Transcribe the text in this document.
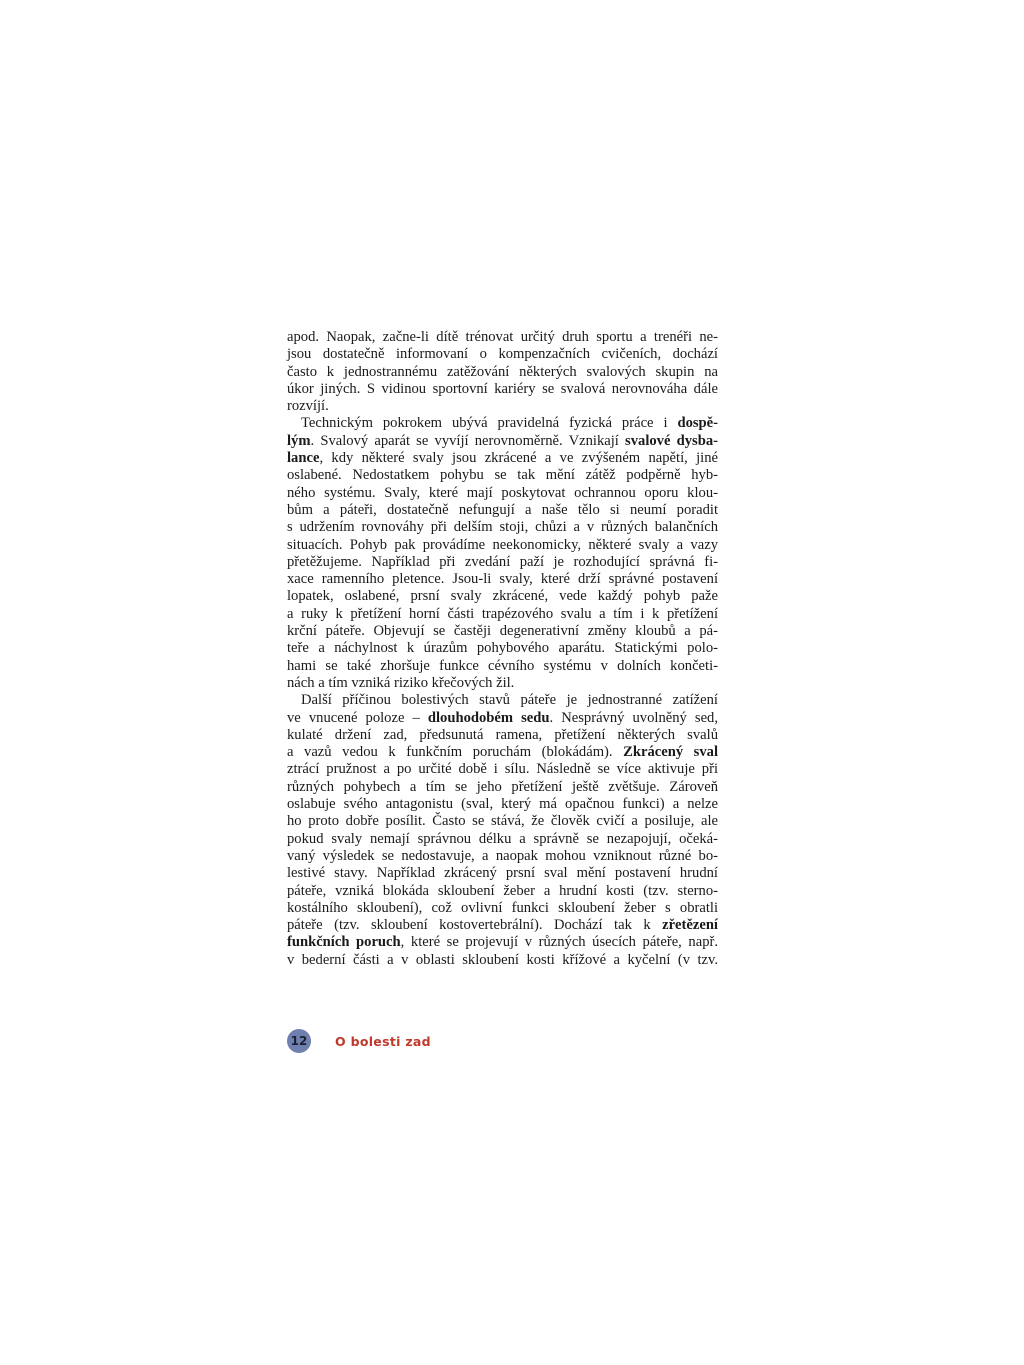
apod. Naopak, začne-li dítě trénovat určitý druh sportu a trenéři ne-
jsou dostatečně informovaní o kompenzačních cvičeních, dochází
často k jednostrannému zatěžování některých svalových skupin na
úkor jiných. S vidinou sportovní kariéry se svalová nerovnováha dále
rozvíjí.
Technickým pokrokem ubývá pravidelná fyzická práce i dospě-
lým. Svalový aparát se vyvíjí nerovnoměrně. Vznikají svalové dysba-
lance, kdy některé svaly jsou zkrácené a ve zvýšeném napětí, jiné
oslabené. Nedostatkem pohybu se tak mění zátěž podpěrně hyb-
ného systému. Svaly, které mají poskytovat ochrannou oporu klou-
bům a páteři, dostatečně nefungují a naše tělo si neumí poradit
s udržením rovnováhy při delším stoji, chůzi a v různých balančních
situacích. Pohyb pak provádíme neekonomicky, některé svaly a vazy
přetěžujeme. Například při zvedání paží je rozhodující správná fi-
xace ramenního pletence. Jsou-li svaly, které drží správné postavení
lopatek, oslabené, prsní svaly zkrácené, vede každý pohyb paže
a ruky k přetížení horní části trapézového svalu a tím i k přetížení
krční páteře. Objevují se častěji degenerativní změny kloubů a pá-
teře a náchylnost k úrazům pohybového aparátu. Statickými polo-
hami se také zhoršuje funkce cévního systému v dolních končeti-
nách a tím vzniká riziko křečových žil.
Další příčinou bolestivých stavů páteře je jednostranné zatížení
ve vnucené poloze – dlouhodobém sedu. Nesprávný uvolněný sed,
kulaté držení zad, předsunutá ramena, přetížení některých svalů
a vazů vedou k funkčním poruchám (blokádám). Zkrácený sval
ztrácí pružnost a po určité době i sílu. Následně se více aktivuje při
různých pohybech a tím se jeho přetížení ještě zvětšuje. Zároveň
oslabuje svého antagonistu (sval, který má opačnou funkci) a nelze
ho proto dobře posílit. Často se stává, že člověk cvičí a posiluje, ale
pokud svaly nemají správnou délku a správně se nezapojují, očeká-
vaný výsledek se nedostavuje, a naopak mohou vzniknout různé bo-
lestivé stavy. Například zkrácený prsní sval mění postavení hrudní
páteře, vzniká blokáda skloubení žeber a hrudní kosti (tzv. sterno-
kostálního skloubení), což ovlivní funkci skloubení žeber s obratli
páteře (tzv. skloubení kostovertebrální). Dochází tak k zřetězení
funkčních poruch, které se projevují v různých úsecích páteře, např.
v bederní části a v oblasti skloubení kosti křížové a kyčelní (v tzv.
12 O bolesti zad
